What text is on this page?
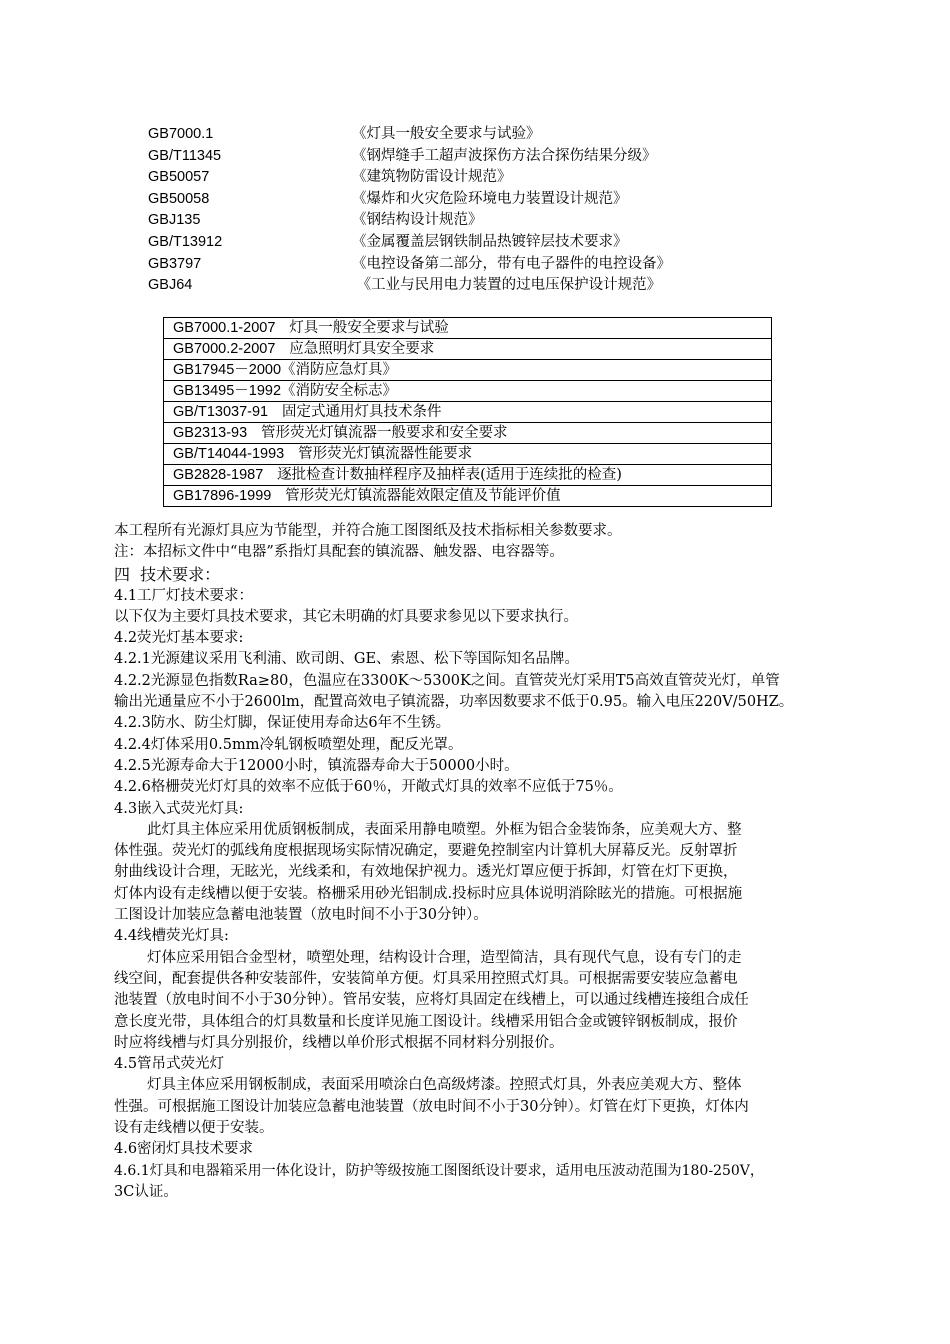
GB7000.1	《灯具一般安全要求与试验》
GB/T11345	《钢焊缝手工超声波探伤方法合探伤结果分级》
GB50057	《建筑物防雷设计规范》
GB50058	《爆炸和火灾危险环境电力装置设计规范》
GBJ135	《钢结构设计规范》
GB/T13912	《金属覆盖层钢铁制品热镀锌层技术要求》
GB3797	《电控设备第二部分，带有电子器件的电控设备》
GBJ64	《工业与民用电力装置的过电压保护设计规范》
GB7000.1-2007   灯具一般安全要求与试验
GB7000.2-2007   应急照明灯具安全要求
GB17945－2000《消防应急灯具》
GB13495－1992《消防安全标志》
GB/T13037-91   固定式通用灯具技术条件
GB2313-93   管形荧光灯镇流器一般要求和安全要求
GB/T14044-1993   管形荧光灯镇流器性能要求
GB2828-1987   逐批检查计数抽样程序及抽样表(适用于连续批的检查)
GB17896-1999   管形荧光灯镇流器能效限定值及节能评价值

本工程所有光源灯具应为节能型，并符合施工图图纸及技术指标相关参数要求。

注：本招标文件中“电器”系指灯具配套的镇流器、触发器、电容器等。

四  技术要求：

4.1工厂灯技术要求：

以下仅为主要灯具技术要求，其它未明确的灯具要求参见以下要求执行。

4.2荧光灯基本要求:

4.2.1光源建议采用飞利浦、欧司朗、GE、索恩、松下等国际知名品牌。

4.2.2光源显色指数Ra≥80，色温应在3300K～5300K之间。直管荧光灯采用T5高效直管荧光灯，单管

输出光通量应不小于2600lm，配置高效电子镇流器，功率因数要求不低于0.95。输入电压220V/50HZ。

4.2.3防水、防尘灯脚，保证使用寿命达6年不生锈。

4.2.4灯体采用0.5mm冷轧钢板喷塑处理，配反光罩。

4.2.5光源寿命大于12000小时，镇流器寿命大于50000小时。

4.2.6格栅荧光灯灯具的效率不应低于60％，开敞式灯具的效率不应低于75％。

4.3嵌入式荧光灯具:

此灯具主体应采用优质钢板制成，表面采用静电喷塑。外框为铝合金装饰条，应美观大方、整

体性强。荧光灯的弧线角度根据现场实际情况确定，要避免控制室内计算机大屏幕反光。反射罩折

射曲线设计合理，无眩光，光线柔和，有效地保护视力。透光灯罩应便于拆卸，灯管在灯下更换，

灯体内设有走线槽以便于安装。格栅采用砂光铝制成.投标时应具体说明消除眩光的措施。可根据施

工图设计加装应急蓄电池装置（放电时间不小于30分钟）。

4.4线槽荧光灯具:

灯体应采用铝合金型材，喷塑处理，结构设计合理，造型简洁，具有现代气息，设有专门的走

线空间，配套提供各种安装部件，安装简单方便。灯具采用控照式灯具。可根据需要安装应急蓄电

池装置（放电时间不小于30分钟）。管吊安装，应将灯具固定在线槽上，可以通过线槽连接组合成任

意长度光带，具体组合的灯具数量和长度详见施工图设计。线槽采用铝合金或镀锌钢板制成，报价

时应将线槽与灯具分别报价，线槽以单价形式根据不同材料分别报价。

4.5管吊式荧光灯

灯具主体应采用钢板制成，表面采用喷涂白色高级烤漆。控照式灯具，外表应美观大方、整体

性强。可根据施工图设计加装应急蓄电池装置（放电时间不小于30分钟）。灯管在灯下更换，灯体内

设有走线槽以便于安装。

4.6密闭灯具技术要求

4.6.1灯具和电器箱采用一体化设计，防护等级按施工图图纸设计要求，适用电压波动范围为180-250V，

3C认证。
